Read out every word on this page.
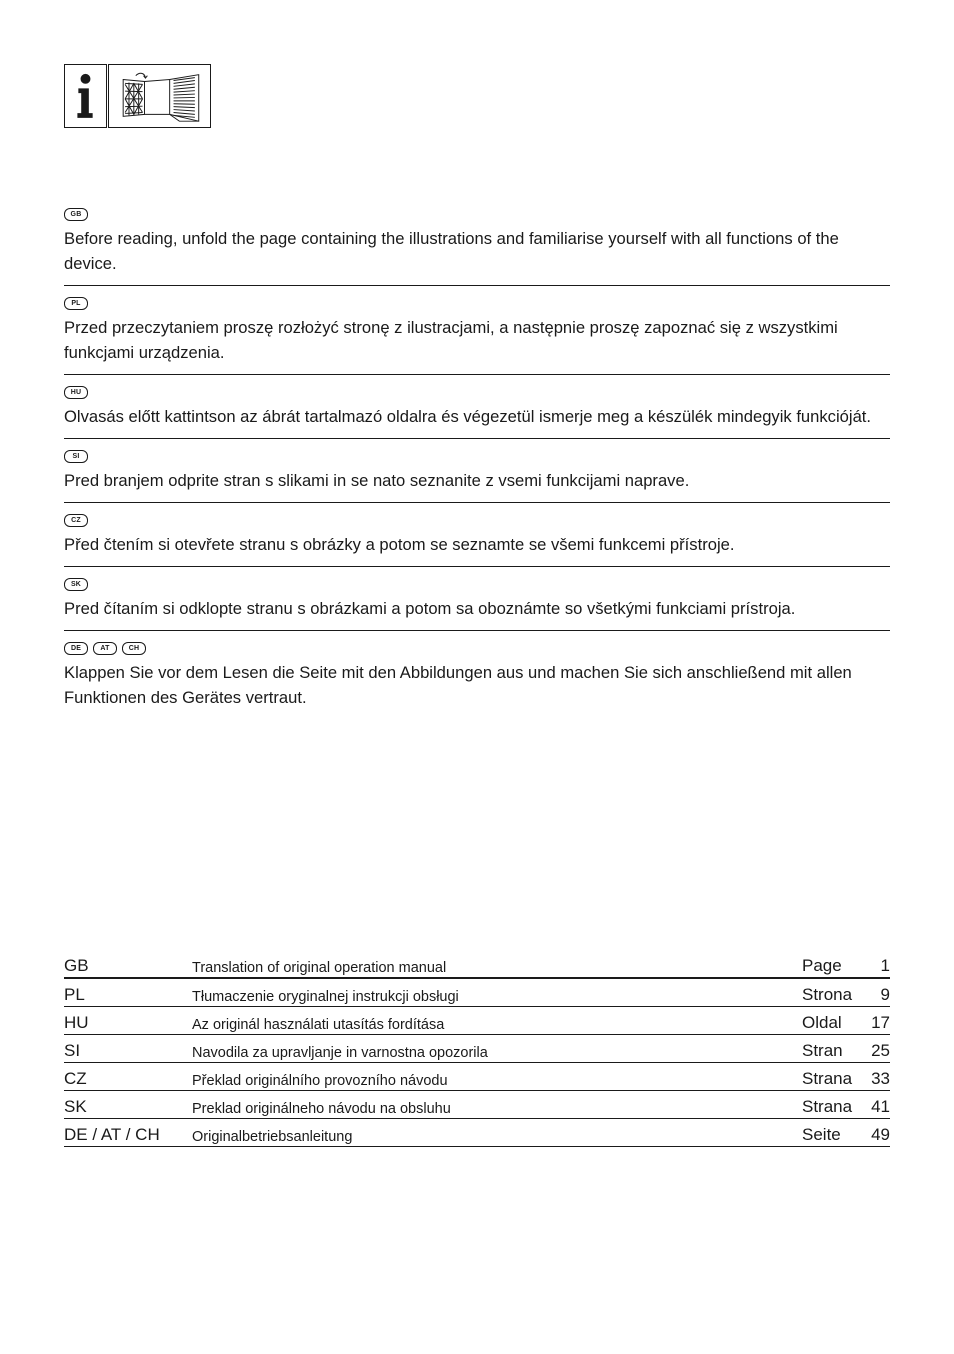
GB

Before reading, unfold the page containing the illustrations and familiarise yourself with all functions of the device.

PL

Przed przeczytaniem proszę rozłożyć stronę z ilustracjami, a następnie proszę zapoznać się z wszystkimi funkcjami urządzenia.

HU

Olvasás előtt kattintson az ábrát tartalmazó oldalra és végezetül ismerje meg a készülék mindegyik funkcióját.

SI

Pred branjem odprite stran s slikami in se nato seznanite z vsemi funkcijami naprave.

CZ

Před čtením si otevřete stranu s obrázky a potom se seznamte se všemi funkcemi přístroje.

SK

Pred čítaním si odklopte stranu s obrázkami a potom sa oboznámte so všetkými funkciami prístroja.

DE	AT	CH

Klappen Sie vor dem Lesen die Seite mit den Abbildungen aus und machen Sie sich anschließend mit allen Funktionen des Gerätes vertraut.

GB	Translation of original operation manual	Page	1
PL	Tłumaczenie oryginalnej instrukcji obsługi	Strona	9
HU	Az originál használati utasítás fordítása	Oldal	17
SI	Navodila za upravljanje in varnostna opozorila	Stran	25
CZ	Překlad originálního provozního návodu	Strana	33
SK	Preklad originálneho návodu na obsluhu	Strana	41
DE / AT / CH	Originalbetriebsanleitung	Seite	49
